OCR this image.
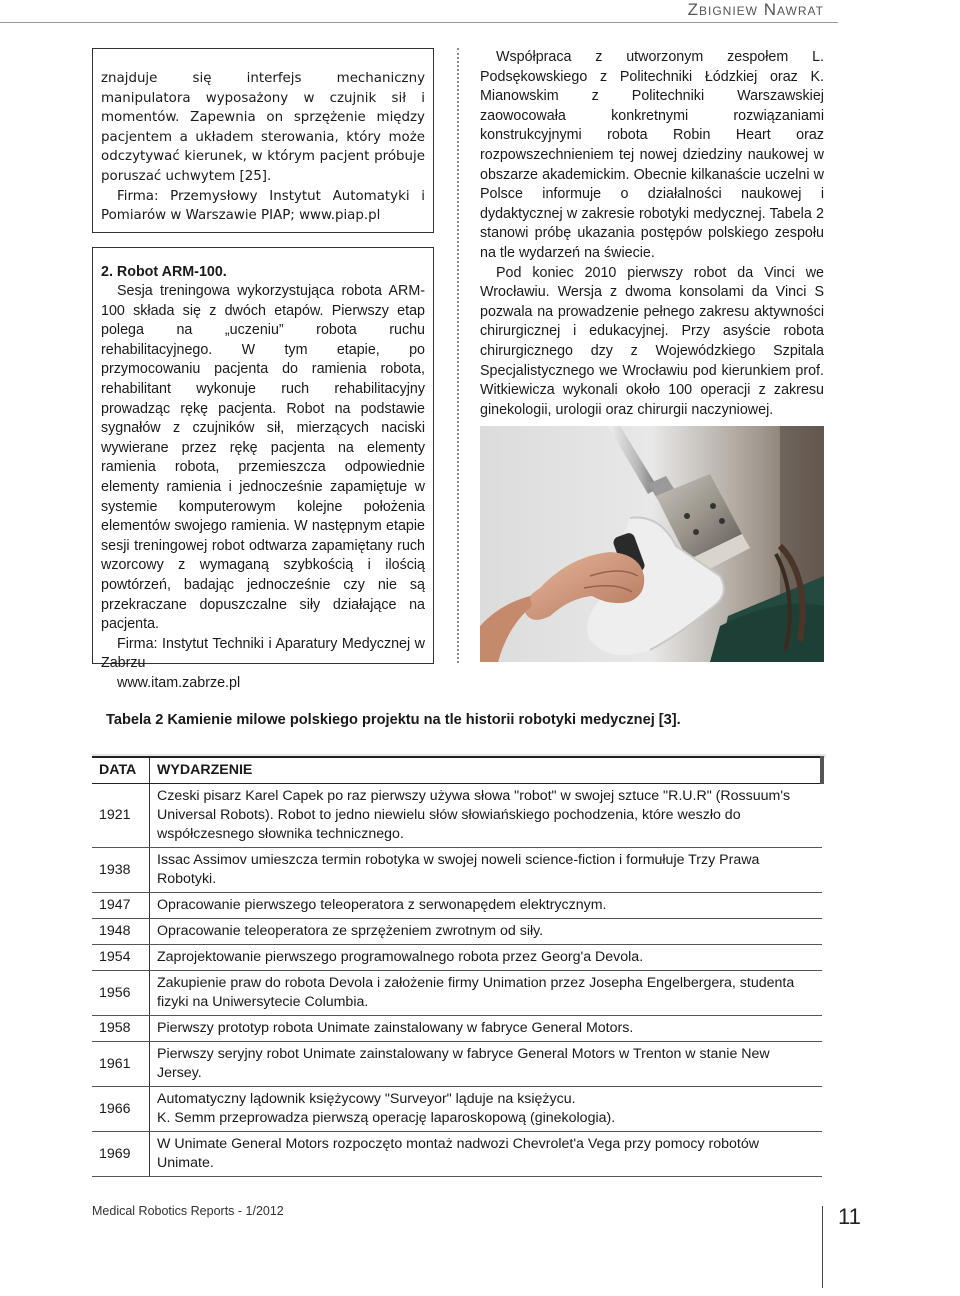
Zbigniew Nawrat

znajduje się interfejs mechaniczny manipulatora wyposażony w czujnik sił i momentów. Zapewnia on sprzężenie między pacjentem a układem sterowania, który może odczytywać kierunek, w którym pacjent próbuje poruszać uchwytem [25].

Firma: Przemysłowy Instytut Automatyki i Pomiarów w Warszawie PIAP; www.piap.pl

2. Robot ARM-100.

Sesja treningowa wykorzystująca robota ARM-100 składa się z dwóch etapów. Pierwszy etap polega na „uczeniu” robota ruchu rehabilitacyjnego. W tym etapie, po przymocowaniu pacjenta do ramienia robota, rehabilitant wykonuje ruch rehabilitacyjny prowadząc rękę pacjenta. Robot na podstawie sygnałów z czujników sił, mierzących naciski wywierane przez rękę pacjenta na elementy ramienia robota, przemieszcza odpowiednie elementy ramienia i jednocześnie zapamiętuje w systemie komputerowym kolejne położenia elementów swojego ramienia. W następnym etapie sesji treningowej robot odtwarza zapamiętany ruch wzorcowy z wymaganą szybkością i ilością powtórzeń, badając jednocześnie czy nie są przekraczane dopuszczalne siły działające na pacjenta.

Firma: Instytut Techniki i Aparatury Medycznej w Zabrzu

www.itam.zabrze.pl

Współpraca z utworzonym zespołem L. Podsękowskiego z Politechniki Łódzkiej oraz K. Mianowskim z Politechniki Warszawskiej zaowocowała konkretnymi rozwiązaniami konstrukcyjnymi robota Robin Heart oraz rozpowszechnieniem tej nowej dziedziny naukowej w obszarze akademickim. Obecnie kilkanaście uczelni w Polsce informuje o działalności naukowej i dydaktycznej w zakresie robotyki medycznej. Tabela 2 stanowi próbę ukazania postępów polskiego zespołu na tle wydarzeń na świecie.

Pod koniec 2010 pierwszy robot da Vinci we Wrocławiu. Wersja z dwoma konsolami da Vinci S pozwala na prowadzenie pełnego zakresu aktywności chirurgicznej i edukacyjnej. Przy asyście robota chirurgicznego dzy z Wojewódzkiego Szpitala Specjalistycznego we Wrocławiu pod kierunkiem prof. Witkiewicza wykonali około 100 operacji z zakresu ginekologii, urologii oraz chirurgii naczyniowej.

Tabela 2 Kamienie milowe polskiego projektu na tle historii robotyki medycznej [3].
DATA	WYDARZENIE
1921	Czeski pisarz Karel Capek po raz pierwszy używa słowa "robot" w swojej sztuce "R.U.R" (Rossuum's Universal Robots). Robot to jedno niewielu słów słowiańskiego pochodzenia, które weszło do współczesnego słownika technicznego.
1938	Issac Assimov umieszcza termin robotyka w swojej noweli science-fiction i formułuje Trzy Prawa Robotyki.
1947	Opracowanie pierwszego teleoperatora z serwonapędem elektrycznym.
1948	Opracowanie teleoperatora ze sprzężeniem zwrotnym od siły.
1954	Zaprojektowanie pierwszego programowalnego robota przez Georg'a Devola.
1956	Zakupienie praw do robota Devola i założenie firmy Unimation przez Josepha Engelbergera, studenta fizyki na Uniwersytecie Columbia.
1958	Pierwszy prototyp robota Unimate zainstalowany w fabryce General Motors.
1961	Pierwszy seryjny robot Unimate zainstalowany w fabryce General Motors w Trenton w stanie New Jersey.
1966	Automatyczny lądownik księżycowy "Surveyor" ląduje na księżycu.
K. Semm przeprowadza pierwszą operację laparoskopową (ginekologia).

1969	W Unimate General Motors rozpoczęto montaż nadwozi Chevrolet'a Vega przy pomocy robotów Unimate.
Medical Robotics Reports - 1/2012	11
